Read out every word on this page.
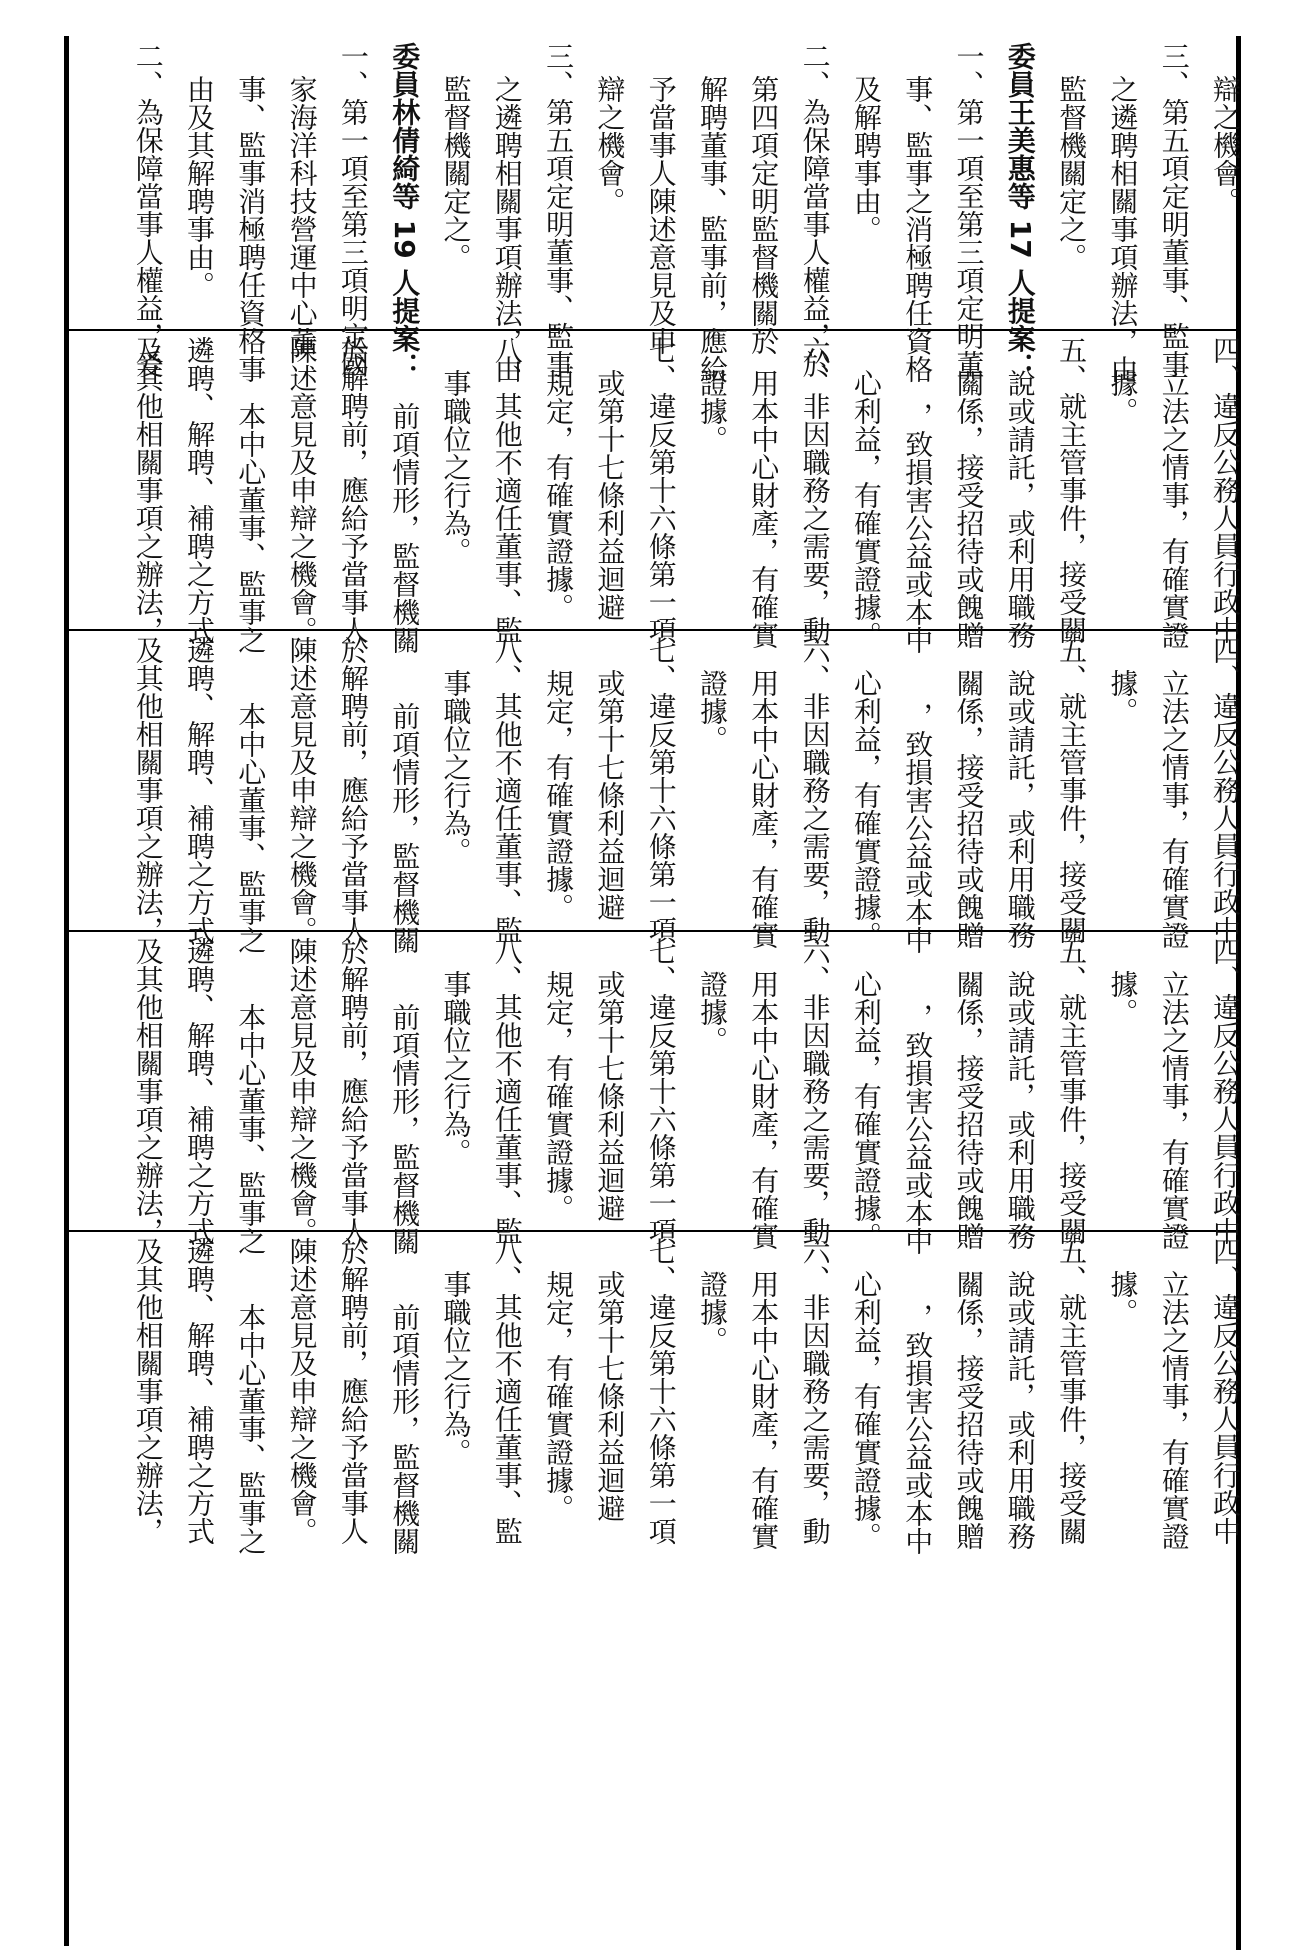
辯之機會。
三、第五項定明董事、監事
之遴聘相關事項辦法，由
監督機關定之。
委員王美惠等 17 人提案：
一、第一項至第三項定明董
事、監事之消極聘任資格
及解聘事由。
二、為保障當事人權益，於
第四項定明監督機關於
解聘董事、監事前，應給
予當事人陳述意見及申
辯之機會。
三、第五項定明董事、監事
之遴聘相關事項辦法，由
監督機關定之。
委員林倩綺等 19 人提案：
一、第一項至第三項明定國
家海洋科技營運中心董
事、監事消極聘任資格事
由及其解聘事由。
二、為保障當事人權益，爰
四、違反公務人員行政中
立法之情事，有確實證
據。
五、就主管事件，接受關
說或請託，或利用職務
關係，接受招待或餽贈
，致損害公益或本中
心利益，有確實證據。
六、非因職務之需要，動
用本中心財產，有確實
證據。
七、違反第十六條第一項
或第十七條利益迴避
規定，有確實證據。
八、其他不適任董事、監
事職位之行為。
前項情形，監督機關
於解聘前，應給予當事人
陳述意見及申辯之機會。
本中心董事、監事之
遴聘、解聘、補聘之方式
及其他相關事項之辦法，
四、違反公務人員行政中
立法之情事，有確實證
據。
五、就主管事件，接受關
說或請託，或利用職務
關係，接受招待或餽贈
，致損害公益或本中
心利益，有確實證據。
六、非因職務之需要，動
用本中心財產，有確實
證據。
七、違反第十六條第一項
或第十七條利益迴避
規定，有確實證據。
八、其他不適任董事、監
事職位之行為。
前項情形，監督機關
於解聘前，應給予當事人
陳述意見及申辯之機會。
本中心董事、監事之
遴聘、解聘、補聘之方式
及其他相關事項之辦法，
四、違反公務人員行政中
立法之情事，有確實證
據。
五、就主管事件，接受關
說或請託，或利用職務
關係，接受招待或餽贈
，致損害公益或本中
心利益，有確實證據。
六、非因職務之需要，動
用本中心財產，有確實
證據。
七、違反第十六條第一項
或第十七條利益迴避
規定，有確實證據。
八、其他不適任董事、監
事職位之行為。
前項情形，監督機關
於解聘前，應給予當事人
陳述意見及申辯之機會。
本中心董事、監事之
遴聘、解聘、補聘之方式
及其他相關事項之辦法，
四、違反公務人員行政中
立法之情事，有確實證
據。
五、就主管事件，接受關
說或請託，或利用職務
關係，接受招待或餽贈
，致損害公益或本中
心利益，有確實證據。
六、非因職務之需要，動
用本中心財產，有確實
證據。
七、違反第十六條第一項
或第十七條利益迴避
規定，有確實證據。
八、其他不適任董事、監
事職位之行為。
前項情形，監督機關
於解聘前，應給予當事人
陳述意見及申辯之機會。
本中心董事、監事之
遴聘、解聘、補聘之方式
及其他相關事項之辦法，
